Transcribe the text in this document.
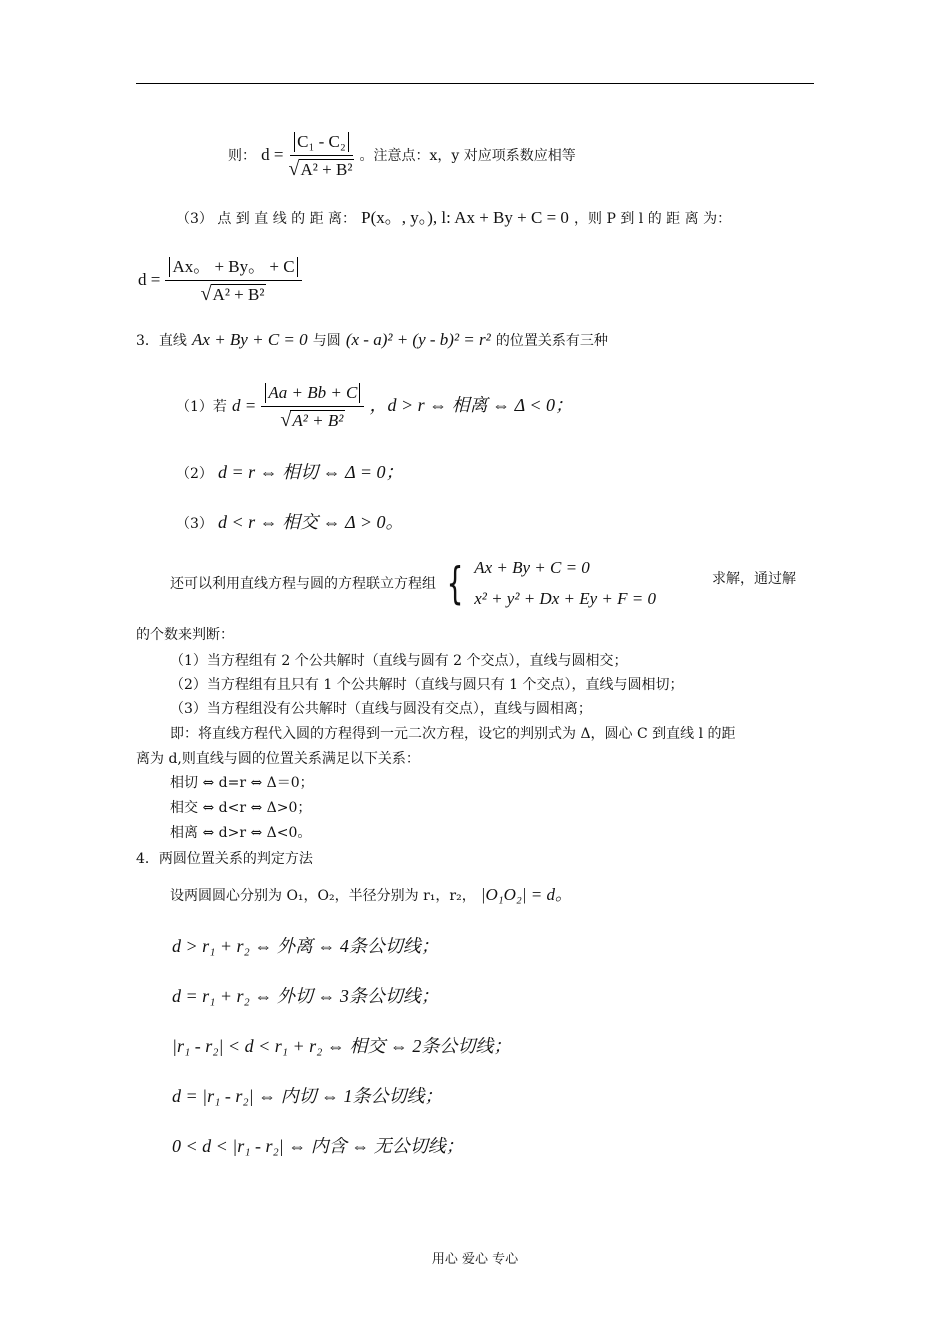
则： $d = \frac{\text{C₁ - C₂}}{\text{√ A² + B²}}$ 。注意点：x，y 对应项系数应相等
（3） 点 到 直 线 的 距 离： P(x。, y。), l: Ax + By + C = 0 ，则 P 到 l 的 距 离 为：
$d = \frac{Ax。 + By。 + C}{\text{√ A² + B²}}$
3．直线 Ax + By + C = 0 与圆 (x - a)² + (y - b)² = r² 的位置关系有三种
（1）若 $d = \frac{Aa + Bb + C}{\text{√ A² + B²}}$ ，d > r ⇔ 相离 ⇔ Δ < 0；
（2） d = r ⇔ 相切 ⇔ Δ = 0；
（3） d < r ⇔ 相交 ⇔ Δ > 0。
还可以利用直线方程与圆的方程联立方程组 { Ax + By + C = 0
x² + y² + Dx + Ey + F = 0
求解，通过解
的个数来判断：
（1）当方程组有 2 个公共解时（直线与圆有 2 个交点），直线与圆相交；
（2）当方程组有且只有 1 个公共解时（直线与圆只有 1 个交点），直线与圆相切；
（3）当方程组没有公共解时（直线与圆没有交点），直线与圆相离；
即：将直线方程代入圆的方程得到一元二次方程，设它的判别式为 Δ，圆心 C 到直线 l 的距
离为 d,则直线与圆的位置关系满足以下关系：
相切 ⇔ d=r ⇔ Δ＝0；
相交 ⇔ d<r ⇔ Δ>0；
相离 ⇔ d>r ⇔ Δ<0。
4．两圆位置关系的判定方法
设两圆圆心分别为 O₁，O₂，半径分别为 r₁，r₂， |O₁O₂| = d。
d > r₁ + r₂ ⇔ 外离 ⇔ 4条公切线；
d = r₁ + r₂ ⇔ 外切 ⇔ 3条公切线；
|r₁ - r₂| < d < r₁ + r₂ ⇔ 相交 ⇔ 2条公切线；
d = |r₁ - r₂| ⇔ 内切 ⇔ 1条公切线；
0 < d < |r₁ - r₂| ⇔ 内含 ⇔ 无公切线；
用心 爱心 专心
